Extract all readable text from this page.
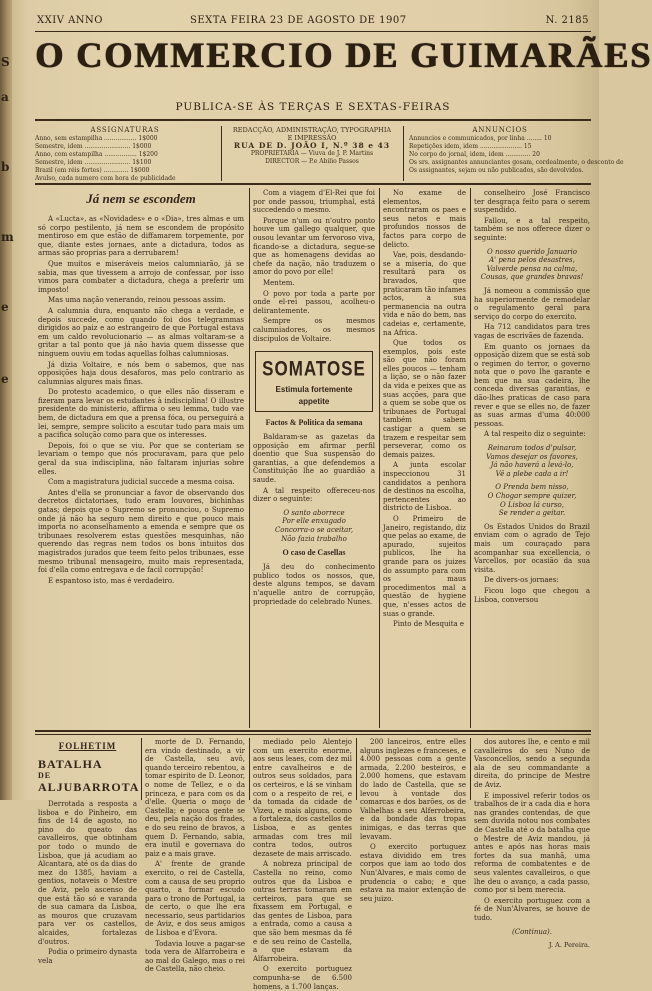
S
a
b
m
e
e
XXIV ANNO	SEXTA FEIRA 23 DE AGOSTO DE 1907	N. 2185
O COMMERCIO DE GUIMARÃES
PUBLICA-SE ÀS TERÇAS E SEXTAS-FEIRAS
ASSIGNATURAS
Anno, sem estampilha ................. 1$000
Semestre, idem ........................ 1$000
Anno, com estampilha ................. 1$200
Semestre, idem ........................ 1$100
Brazil (em réis fortes) ............. 1$000
Avulso, cada numero com hora de publicidade
REDACÇÃO, ADMINISTRAÇÃO, TYPOGRAPHIA
E IMPRESSÃO
RUA DE D. JOÃO I, N.º 38 e 43
PROPRIETARIA — Viuva de J. P. Martins
DIRECTOR — P.e Abilio Passos
ANNUNCIOS
Annuncios e communicados, por linha ........ 10
Repetições idem, idem ...................... 15
No corpo do jornal, idem, idem ............. 20
Os srs. assignantes annunciantes gosam, cordealmente, o desconto de
Os assignantes, sejam ou não publicados, são devolvidos.
Já nem se escondem

A «Lucta», as «Novidades» e o «Dia», tres almas e um só corpo pestilento, já nem se escondem de propósito mentiroso em que estão de diffamarem torpemente, por que, diante estes jornaes, ante a dictadura, todos as armas são proprias para a derrubarem!

Que muitos e miseráveis meios calumniarão, já se sabia, mas que tivessem a arrojo de confessar, por isso vimos para combater a dictadura, chega a preferir um imposto!

Mas uma nação venerando, reinou pessoas assim.

A calumnia dura, enquanto não chega a verdade, e depois succede, como quando foi dos telegrammas dirigidos ao paiz e ao estrangeiro de que Portugal estava em um caldo revolucionario — as almas voltaram-se a gritar a tal ponto que já não havia quem dissesse que ninguem ouviu em todas aquellas folhas calumniosas.

Já dizia Voltaire, e nós bem o sabemos, que nas opposições haja dous desaforos, mas pelo contrario as calumnias algures mais finas.

Do protesto academico, o que elles não disseram e fizeram para levar os estudantes à indisciplina! O illustre presidente do ministerio, affirma o seu lemma, tudo vae bem, de dictadura em que a prensa fóca, ou perseguirá a lei, sempre, sempre solicito a escutar tudo para mais um a pacifica solução como para que os interesses.

Depois, foi o que se viu. Por que se conteriam se levariam o tempo que nós procuravam, para que pelo geral da sua indisciplina, não faltaram injurias sobre elles.

Com a magistratura judicial succede a mesma coisa.

Antes d'ella se pronunciar a favor de observando dos decretos dictatoriaes, tudo eram louvores, bichinhas gatas; depois que o Supremo se pronunciou, o Supremo onde já não ha seguro nem direito e que pouco mais importa no aconselhamento a emenda e sempre que os tribunaes resolverem estas questões mesquinhas, não querendo das regras nem todos os bons intuitos dos magistrados jurados que teem feito pelos tribunaes, esse mesmo tribunal mensageiro, muito mais representada, foi d'ella como entregava e de facil corrupção!

E espantoso isto, mas é verdadeiro.

Com a viagem d'El-Rei que foi por onde passou, triumphal, está succedendo o mesmo.

Porque n'um ou n'outro ponto houve um gallego qualquer, que ousou levantar um fervoroso viva, ficando-se a dictadura, segue-se que as homenagens devidas ao chefe da nação, não traduzem o amor do povo por elle!

Mentem.

O povo por toda a parte por onde el-rei passou, acolheu-o delirantemente.

Sempre os mesmos calumniadores, os mesmos discipulos de Voltaire.

SOMATOSE
Estimula fortemente
appetite
Factos & Politica da semana

Baldaram-se as gazetas da opposição em afirmar perfil doentio que Sua suspensão do garantias, a que defendemos a Constituição lhe ao guardião a saude.

A tal respeito offereceu-nos dizer o seguinte:

O santo aborrece
Por elle enxugado
Concorra-o se aceitar,
Não fazia trabalho
O caso de Casellas

Já deu do conhecimento publico todos os nossos, que, deste alguns tempos, se davam n'aquelle antro de corrupção, propriedade do celebrado Nunes.

No exame de elementos, encontraram os paes e seus netos e mais profundos nossos de factos para corpo de delicto.

Vae, pois, desdando-se a miseria, do que resultará para os bravados, que praticaram tão infames actos, a sua permanencia na outra vida e não do bem, nas cadeias e, certamente, na Africa.

Que todos os exemplos, pois este são que não foram elles poucos — tenham a lição, se o não fazer da vida e peixes que as suas acções, para que a quem se sobe que os tribunaes de Portugal também sabem castigar a quem se trazem e respeitar sem perseverar, como os demais paizes.

A junta escolar inspeccionou 31 candidatos a penhora de destinos na escolha, pertencentes ao districto de Lisboa.

O Primeiro de Janeiro, registando, diz que pelas ao exame, de apurado, sujeitos publicos, lhe ha grande para os juizes do assumpto para com os maus procedimentos mal a questão de hygiene que, n'esses actos de suas o grande.

Pinto de Mesquita e

conselheiro José Francisco ter desgraça feito para o serem suspendido.

Fallou, e a tal respeito, também se nos offerece dizer o seguinte:

O nosso querido Januario
A' pena pelos desastres,
Valverde pensa na calma,
Cousas, que grandes bravas!

Já nomeou a commissão que ha superiormente de remodelar o regulamento geral para serviço do corpo do exercito.

Ha 712 candidatos para tres vagas de escrivães de fazenda.

Em quanto os jornaes da opposição dizem que se está sob o regimen do terror, o governo nota que o povo lhe garante e bem que na sua cadeira, lhe conceda diversas garantias, e dão-lhes praticas de caso para rever e que se elles no, de fazer as suas armas d'uma 40:000 pessoas.

A tal respeito diz o seguinte:

Reinaram todos d'pulsar,
Vamos desejar os favores,
Já não haverá a levá-lo,
Vê a plebe cada a ir!
O Prenda bem nisso,
O Chogar sempre quizer,
O Lisboa lá curso,
Se render a geitar.

Os Estados Unidos do Brazil enviam com o agrado de Tejo mais um couraçado para acompanhar sua excellencia, o Varcellos, por ocasião da sua visita.

De divers-os jornaes:

Ficou logo que chegou a Lisboa, conversou

FOLHETIM
BATALHA
DE
ALJUBARROTA

Derrotada a resposta a lisboa e do Pinheiro, em fins de 14 de agosto, no pino do queato das cavalleiros, que obtinham por todo o mundo de Lisboa, que já acudiam ao Alcantara, até os da dias do mez do 1385, haviam a gentios, notaveis o Mestre de Aviz, pelo ascenso de que está tão só e varanda de sua camara da Lisboa, as mouros que cruzavam para ver os castellos, alcaides, fortalezas d'outros.

Podia o primeiro dynasta vela

morte de D. Fernando, era vindo destinado, a vir de Castella, seu avô, quando terceiro rebentou, a tomar espirito de D. Leonor, o nome de Tellez, e o da princeza, e para com os da d'elle. Queria o moço de Castella; e pouca gente se deu, pela nação dos frades, e do seu reino de bravos, a quem D. Fernando, sabia, era inutil e governava do paiz e a mais grave.

A' frente de grande exercito, o rei de Castella, com a causa de seu proprio quarto, a formar escudo para o trono de Portugal, ia de certo, o que lhe era necessario, seus partidarios de Aviz, e dos seus amigos de Lisboa e d'Evora.

Todavia louve a pagar-se toda vera de Alfarrobeira e ao mal do Galego, mas o rei de Castella, não cheio.

mediado pelo Alentejo com um exercito enorme, aos seus leaes, com dez mil entre cavalheiros e de outros seus soldados, para os certeiros, e lá se vinham com o a respeito de rei, e da tomada da cidade de Vizeu, e mais alguns, como a fortaleza, dos castellos de Lisboa, e as gentes armadas com tres mil contra todos, outros dezasete de mais arriscado.

A nobreza principal de Castella no reino, como outros que da Lisboa e outras terras tomaram em certeiros, para que se fixassem em Portugal, e das gentes de Lisboa, para a entrada, como a causa a que são bem mesmas da fé e de seu reino de Castella, a que estavam da Alfarrobeira.

O exercito portuguez compunha-se de 6.500 homens, a 1.700 lanças.

200 lanceiros, entre elles alguns inglezes e franceses, e 4.000 pessoas com a gente armada, 2.200 besteiros, e 2.000 homens, que estavam do lado de Castella, que se levou à vontade dos comarcas e dos barões, os de Valhelhas a seu Alferrobeira, e da bondade das tropas inimigas, e das terras que levavam.

O exercito portuguez estava dividido em tres corpos que iam ao todo dos Nun'Alvares, e mais como de prudencia o cabo; e que estava na maior extenção de seu juizo.

dos autores lhe, e cento e mil cavalleiros do seu Nuno de Vasconcellos, sendo a segunda ala de seu commandante a direita, do principe de Mestre de Aviz.

E impossivel referir todos os trabalhos de ir a cada dia e hora nas grandes contendas, de que sem duvida notou nos combates de Castella até o da batalha que o Mestre de Aviz mandou, já antes e após nas horas mais fortes da sua manhã, uma reforma de combatentes e de seus valentes cavalleiros, o que lhe deu o avanço, a cada passo, como por si bem merecia.

O exercito portuguez com a fé de Nun'Alvares, se houve de tudo.

(Continua).
J. A. Pereira.
